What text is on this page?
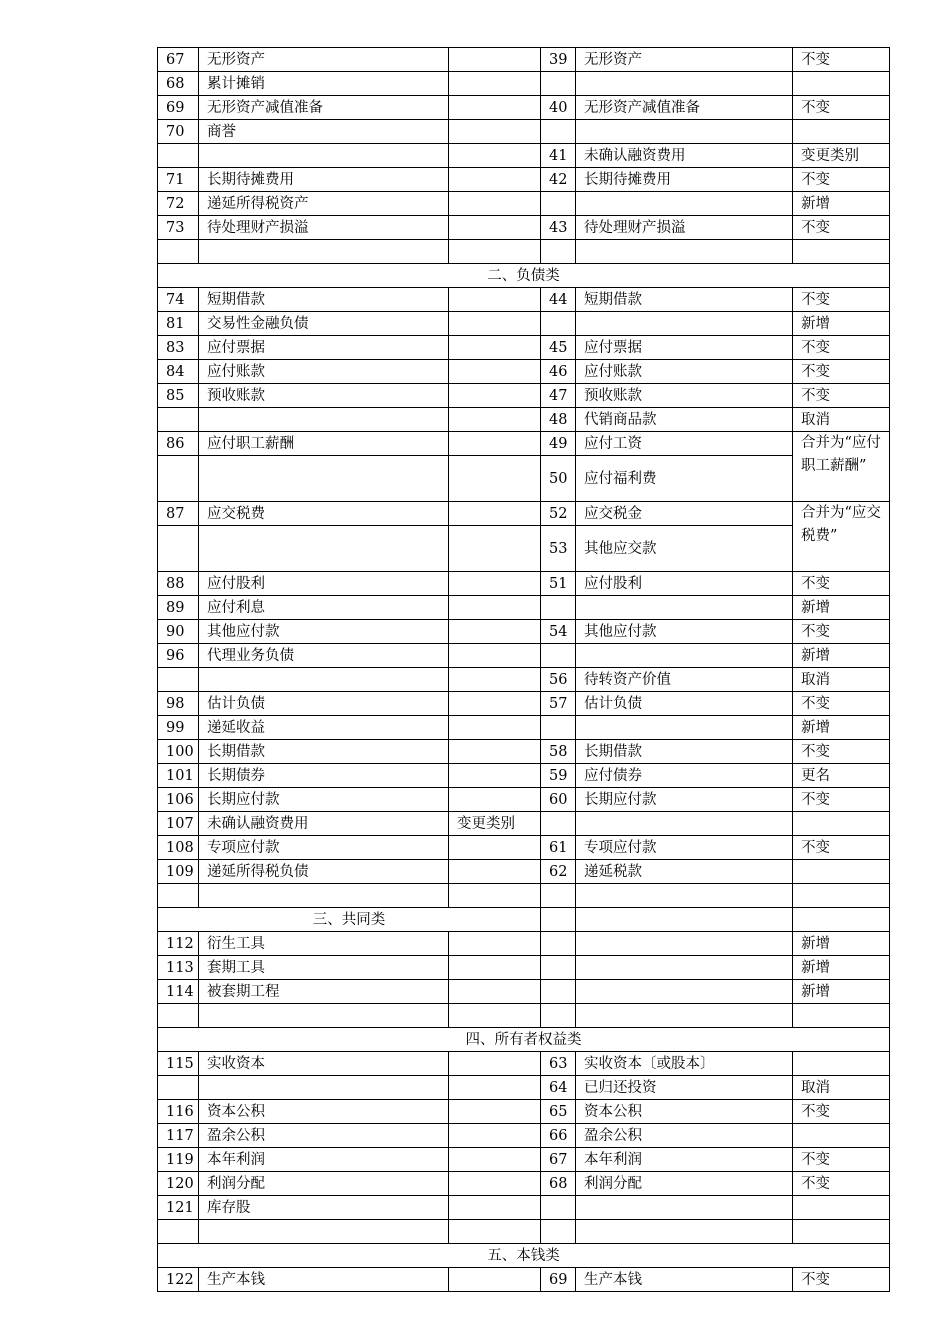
67	无形资产		39	无形资产	不变
68	累计摊销				
69	无形资产减值准备		40	无形资产减值准备	不变
70	商誉				
			41	未确认融资费用	变更类别
71	长期待摊费用		42	长期待摊费用	不变
72	递延所得税资产				新增
73	待处理财产损溢		43	待处理财产损溢	不变

二、负债类					
74	短期借款		44	短期借款	不变
81	交易性金融负债				新增
83	应付票据		45	应付票据	不变
84	应付账款		46	应付账款	不变
85	预收账款		47	预收账款	不变
			48	代销商品款	取消
86	应付职工薪酬		49	应付工资	合并为“应付职工薪酬”
			50	应付福利费	
87	应交税费		52	应交税金	合并为“应交税费”
			53	其他应交款	
88	应付股利		51	应付股利	不变
89	应付利息				新增
90	其他应付款		54	其他应付款	不变
96	代理业务负债				新增
			56	待转资产价值	取消
98	估计负债		57	估计负债	不变
99	递延收益				新增
100	长期借款		58	长期借款	不变
101	长期债券		59	应付债券	更名
106	长期应付款		60	长期应付款	不变
107	未确认融资费用	变更类别			
108	专项应付款		61	专项应付款	不变
109	递延所得税负债		62	递延税款	

三、共同类					
112	衍生工具				新增
113	套期工具				新增
114	被套期工程				新增

四、所有者权益类					
115	实收资本		63	实收资本〔或股本〕	
			64	已归还投资	取消
116	资本公积		65	资本公积	不变
117	盈余公积		66	盈余公积	
119	本年利润		67	本年利润	不变
120	利润分配		68	利润分配	不变
121	库存股				

五、本钱类					
122	生产本钱		69	生产本钱	不变
